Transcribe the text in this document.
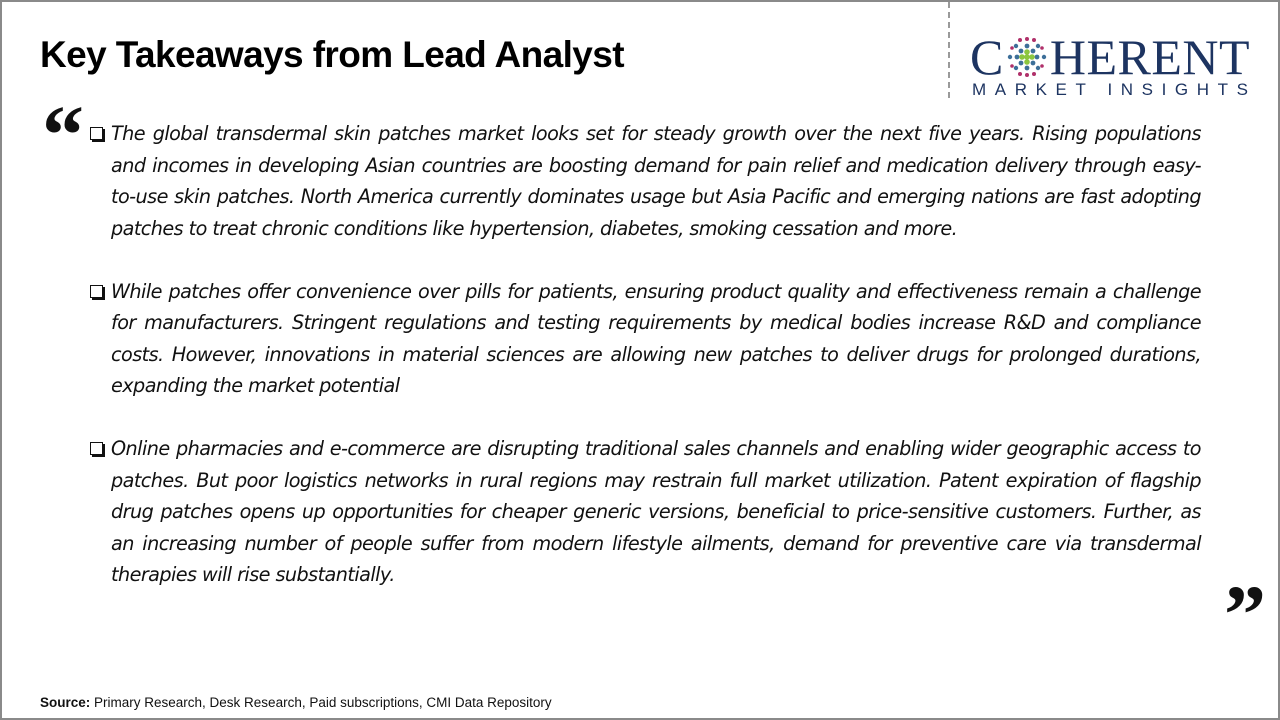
Key Takeaways from Lead Analyst	C HERENT
MARKET INSIGHTS
“ The global transdermal skin patches market looks set for steady growth over the next five years. Rising populations and incomes in developing Asian countries are boosting demand for pain relief and medication delivery through easy-to-use skin patches. North America currently dominates usage but Asia Pacific and emerging nations are fast adopting patches to treat chronic conditions like hypertension, diabetes, smoking cessation and more.
While patches offer convenience over pills for patients, ensuring product quality and effectiveness remain a challenge for manufacturers. Stringent regulations and testing requirements by medical bodies increase R&D and compliance costs. However, innovations in material sciences are allowing new patches to deliver drugs for prolonged durations, expanding the market potential
Online pharmacies and e-commerce are disrupting traditional sales channels and enabling wider geographic access to patches. But poor logistics networks in rural regions may restrain full market utilization. Patent expiration of flagship drug patches opens up opportunities for cheaper generic versions, beneficial to price-sensitive customers. Further, as an increasing number of people suffer from modern lifestyle ailments, demand for preventive care via transdermal therapies will rise substantially.	”
Source: Primary Research, Desk Research, Paid subscriptions, CMI Data Repository
